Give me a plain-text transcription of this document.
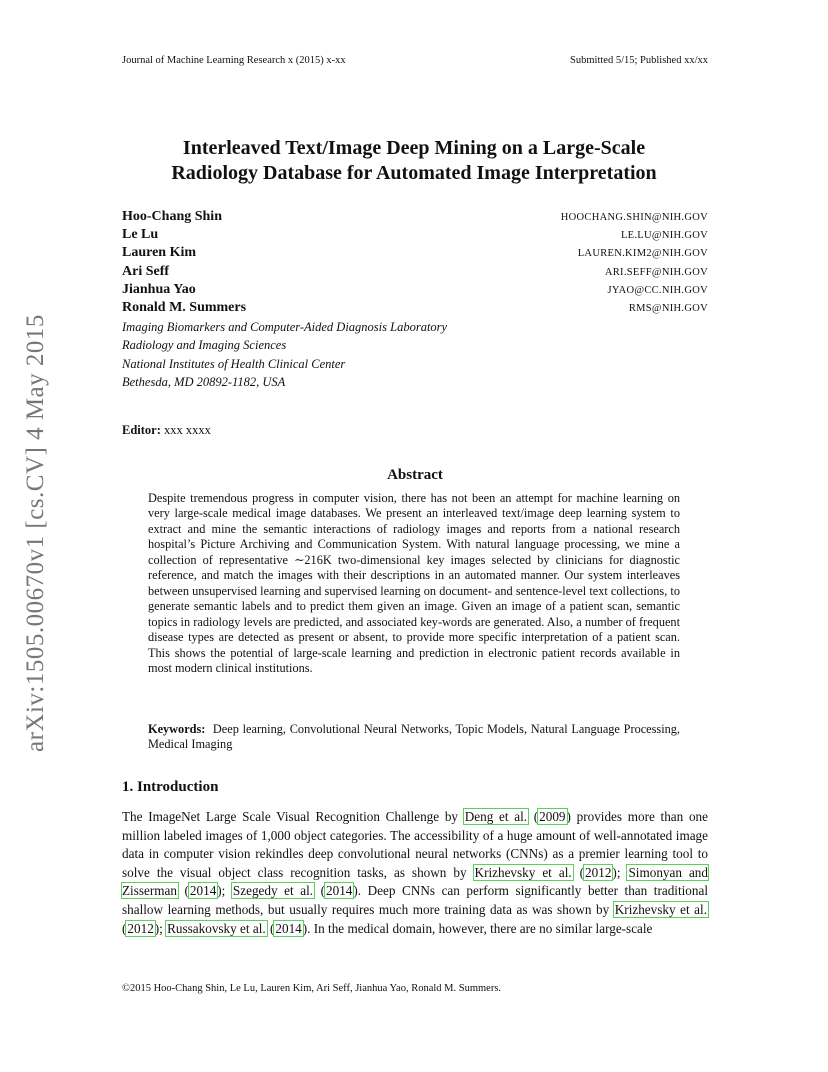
arXiv:1505.00670v1 [cs.CV] 4 May 2015
Journal of Machine Learning Research x (2015) x-xx	Submitted 5/15; Published xx/xx
Interleaved Text/Image Deep Mining on a Large-Scale
Radiology Database for Automated Image Interpretation
Hoo-Chang Shin	HOOCHANG.SHIN@NIH.GOV
Le Lu	LE.LU@NIH.GOV
Lauren Kim	LAUREN.KIM2@NIH.GOV
Ari Seff	ARI.SEFF@NIH.GOV
Jianhua Yao	JYAO@CC.NIH.GOV
Ronald M. Summers	RMS@NIH.GOV
Imaging Biomarkers and Computer-Aided Diagnosis Laboratory
Radiology and Imaging Sciences
National Institutes of Health Clinical Center
Bethesda, MD 20892-1182, USA
Editor: xxx xxxx
Abstract
Despite tremendous progress in computer vision, there has not been an attempt for machine learning on very large-scale medical image databases. We present an interleaved text/image deep learning system to extract and mine the semantic interactions of radiology images and reports from a national research hospital’s Picture Archiving and Communication System. With natural language processing, we mine a collection of representative ∼216K two-dimensional key images selected by clinicians for diagnostic reference, and match the images with their descriptions in an automated manner. Our system interleaves between unsupervised learning and supervised learning on document- and sentence-level text collections, to generate semantic labels and to predict them given an image. Given an image of a patient scan, semantic topics in radiology levels are predicted, and associated key-words are generated. Also, a number of frequent disease types are detected as present or absent, to provide more specific interpretation of a patient scan. This shows the potential of large-scale learning and prediction in electronic patient records available in most modern clinical institutions.
Keywords: Deep learning, Convolutional Neural Networks, Topic Models, Natural Language Processing, Medical Imaging
1. Introduction
The ImageNet Large Scale Visual Recognition Challenge by Deng et al. (2009) provides more than one million labeled images of 1,000 object categories. The accessibility of a huge amount of well-annotated image data in computer vision rekindles deep convolutional neural networks (CNNs) as a premier learning tool to solve the visual object class recognition tasks, as shown by Krizhevsky et al. (2012); Simonyan and Zisserman (2014); Szegedy et al. (2014). Deep CNNs can perform significantly better than traditional shallow learning methods, but usually requires much more training data as was shown by Krizhevsky et al. (2012); Russakovsky et al. (2014). In the medical domain, however, there are no similar large-scale
©2015 Hoo-Chang Shin, Le Lu, Lauren Kim, Ari Seff, Jianhua Yao, Ronald M. Summers.
